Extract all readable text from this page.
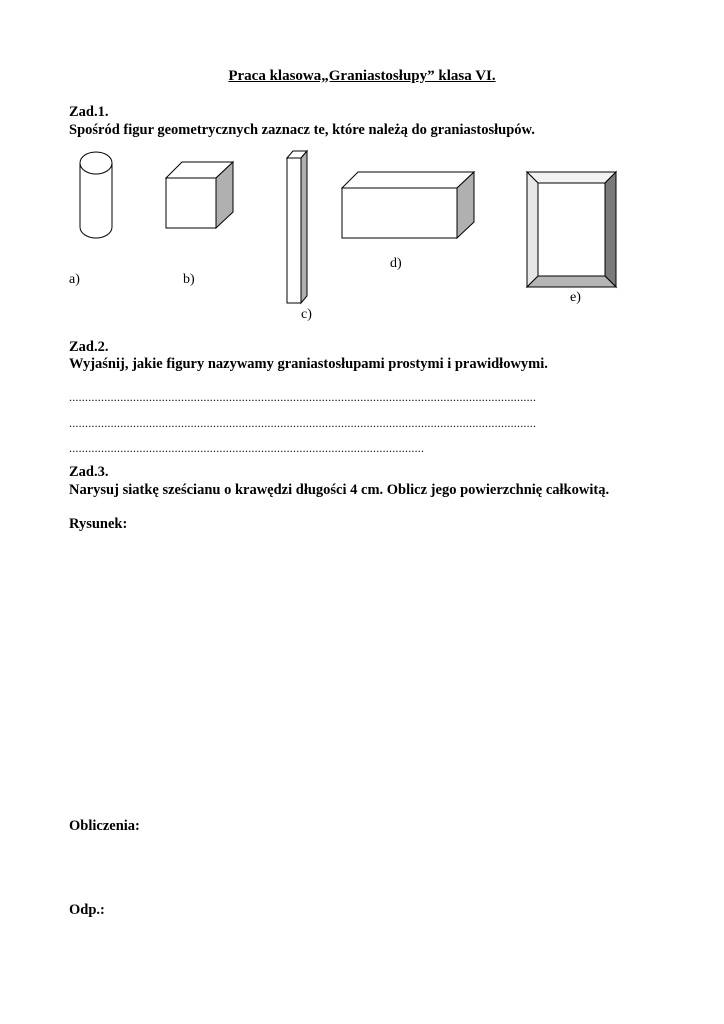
Praca klasowa„Graniastosłupy” klasa VI.
Zad.1.
Spośród figur geometrycznych zaznacz te, które należą do graniastosłupów.
a)	b)
c)
d)
e)
Zad.2.
Wyjaśnij, jakie figury nazywamy graniastosłupami prostymi i prawidłowymi.
..................................................................................................................................................
..................................................................................................................................................
...............................................................................................................
Zad.3.
Narysuj siatkę sześcianu o krawędzi długości 4 cm. Oblicz jego powierzchnię całkowitą.
Rysunek:
Obliczenia:
Odp.:
